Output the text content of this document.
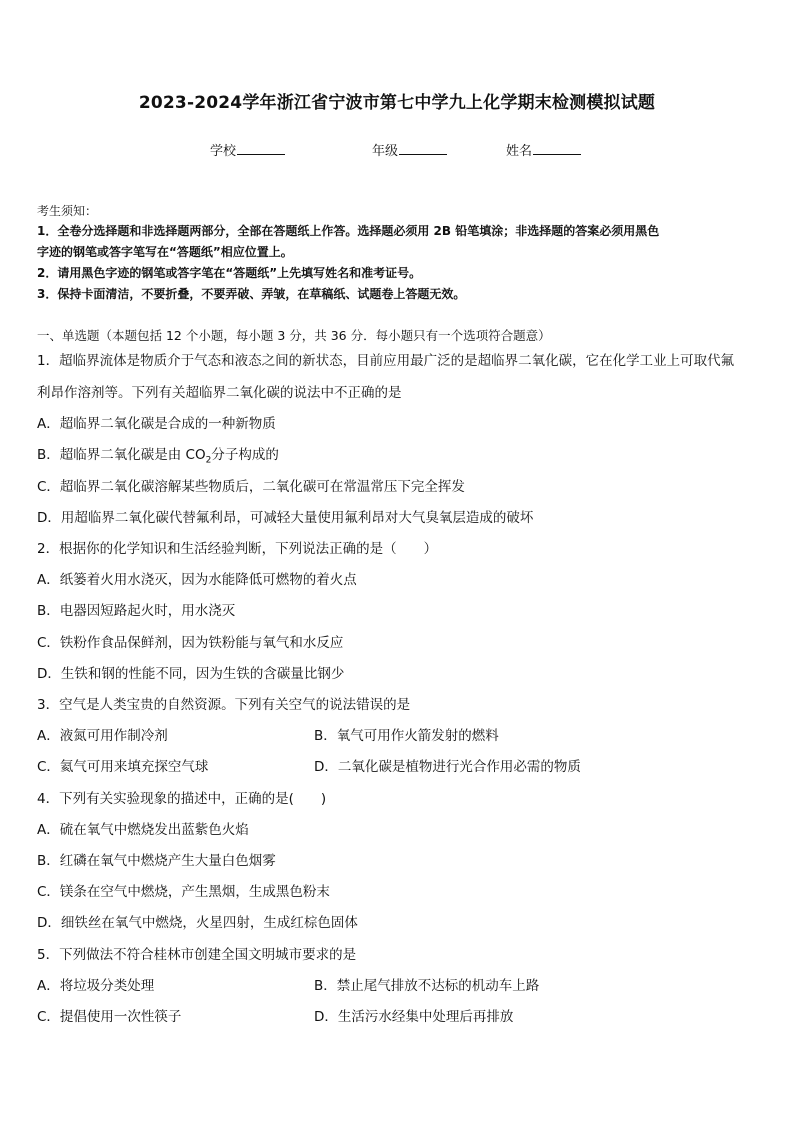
2023-2024学年浙江省宁波市第七中学九上化学期末检测模拟试题
学校	年级	姓名
考生须知：
1．全卷分选择题和非选择题两部分，全部在答题纸上作答。选择题必须用 2B 铅笔填涂；非选择题的答案必须用黑色
字迹的钢笔或答字笔写在“答题纸”相应位置上。
2．请用黑色字迹的钢笔或答字笔在“答题纸”上先填写姓名和准考证号。
3．保持卡面清洁，不要折叠，不要弄破、弄皱，在草稿纸、试题卷上答题无效。
一、单选题（本题包括 12 个小题，每小题 3 分，共 36 分．每小题只有一个选项符合题意）
1．超临界流体是物质介于气态和液态之间的新状态，目前应用最广泛的是超临界二氧化碳，它在化学工业上可取代氟
利昂作溶剂等。下列有关超临界二氧化碳的说法中不正确的是
A．超临界二氧化碳是合成的一种新物质
B．超临界二氧化碳是由 $CO_2$分子构成的
C．超临界二氧化碳溶解某些物质后，二氧化碳可在常温常压下完全挥发
D．用超临界二氧化碳代替氟利昂，可减轻大量使用氟利昂对大气臭氧层造成的破坏
2．根据你的化学知识和生活经验判断，下列说法正确的是（　　）
A．纸篓着火用水浇灭，因为水能降低可燃物的着火点
B．电器因短路起火时，用水浇灭
C．铁粉作食品保鲜剂，因为铁粉能与氧气和水反应
D．生铁和钢的性能不同，因为生铁的含碳量比钢少
3．空气是人类宝贵的自然资源。下列有关空气的说法错误的是
A．液氮可用作制冷剂	B．氧气可用作火箭发射的燃料
C．氦气可用来填充探空气球	D．二氧化碳是植物进行光合作用必需的物质
4．下列有关实验现象的描述中，正确的是(　　)
A．硫在氧气中燃烧发出蓝紫色火焰
B．红磷在氧气中燃烧产生大量白色烟雾
C．镁条在空气中燃烧，产生黑烟，生成黑色粉末
D．细铁丝在氧气中燃烧，火星四射，生成红棕色固体
5．下列做法不符合桂林市创建全国文明城市要求的是
A．将垃圾分类处理	B．禁止尾气排放不达标的机动车上路
C．提倡使用一次性筷子	D．生活污水经集中处理后再排放
